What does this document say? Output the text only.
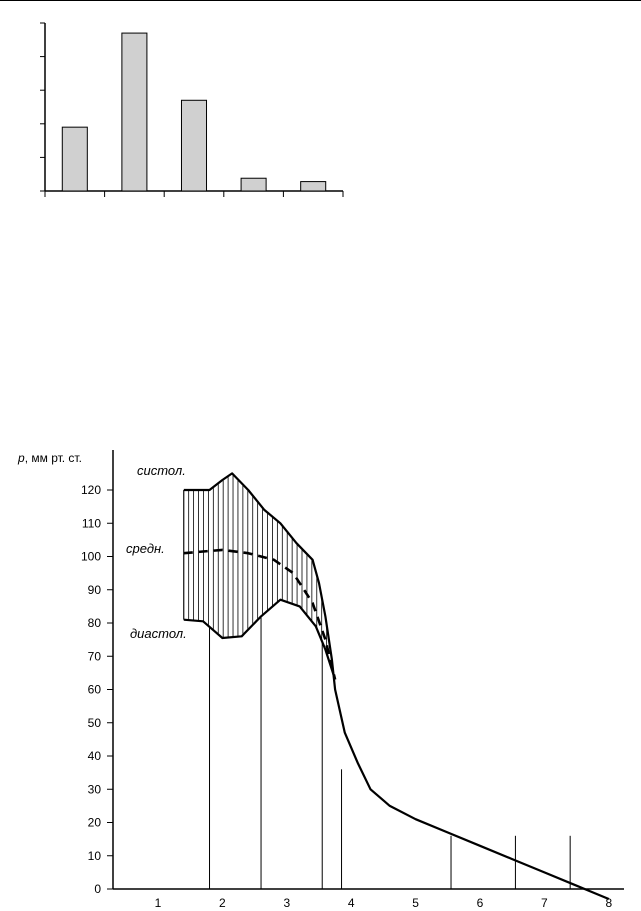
0
10
20
30
40
50
60
70
80
90
100
110
120
p, мм рт. ст.
1	2	3	4	5	6	7	8
систол.
средн.
диастол.
